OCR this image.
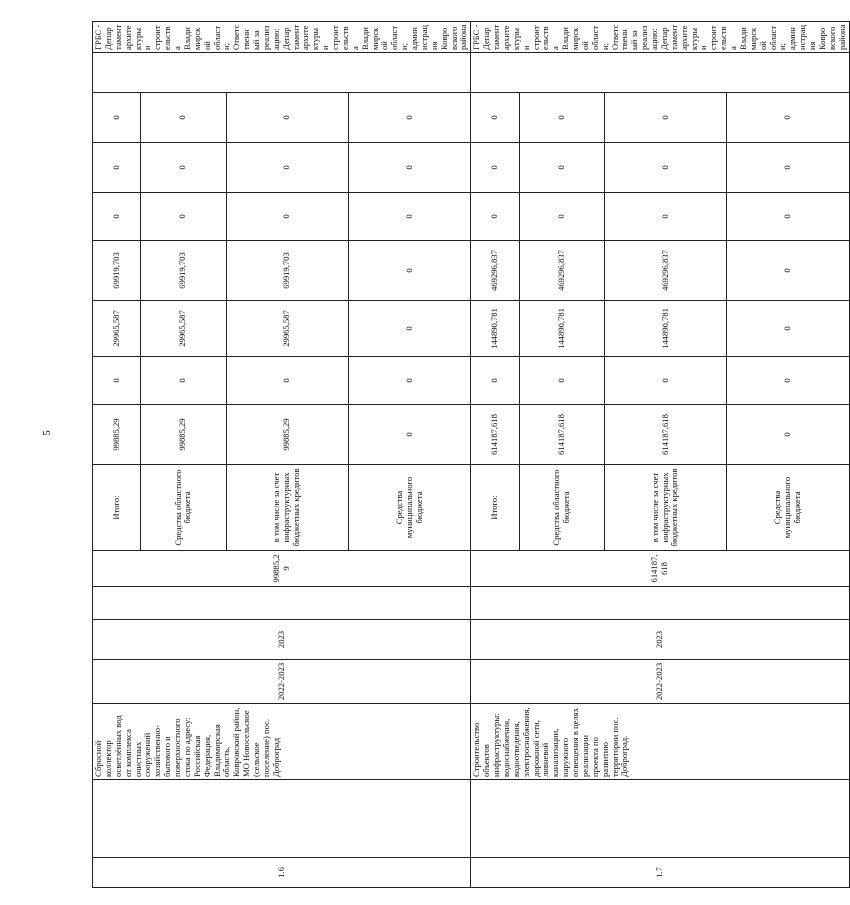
5
1.6		Сбросной коллектор осветлённых вод от комплекса очистных сооружений хозяйственно-бытового и поверхностного стока по адресу: Российская Федерация, Владимирская область, Ковровский район, МО Новосельское (сельское поселение) пос. Доброград	2022-2023	2023		99885,29	Итого:	99885,29	0	29965,587	69919,703	0	0	0		ГРБС - Департамент архитектуры и строительства Владимирской области; Ответственный за реализацию: Департамент архитектуры и строительства Владимирской области; администрация Ковровского района
							Средства областного бюджета	99885,29	0	29965,587	69919,703	0	0	0		
							в том числе за счет инфраструктурных бюджетных кредитов	99885,29	0	29965,587	69919,703	0	0	0		
							Средства муниципального бюджета	0	0	0	0	0	0	0		
1.7		Строительство объектов инфраструктуры: водоснабжения, водоотведения, электроснабжения, дорожной сети, ливневой канализации, наружного освещения в целях реализации проекта по развитию территории пос. Доброград.	2022-2023	2023		614187,618	Итого:	614187,618	0	144890,781	469296,837	0	0	0		ГРБС - Департамент архитектуры и строительства Владимирской области; Ответственный за реализацию: Департамент архитектуры и строительства Владимирской области; администрация Ковровского района
							Средства областного бюджета	614187,618	0	144890,781	469296,837	0	0	0		
							в том числе за счет инфраструктурных бюджетных кредитов	614187,618	0	144890,781	469296,837	0	0	0		
							Средства муниципального бюджета	0	0	0	0	0	0	0		
